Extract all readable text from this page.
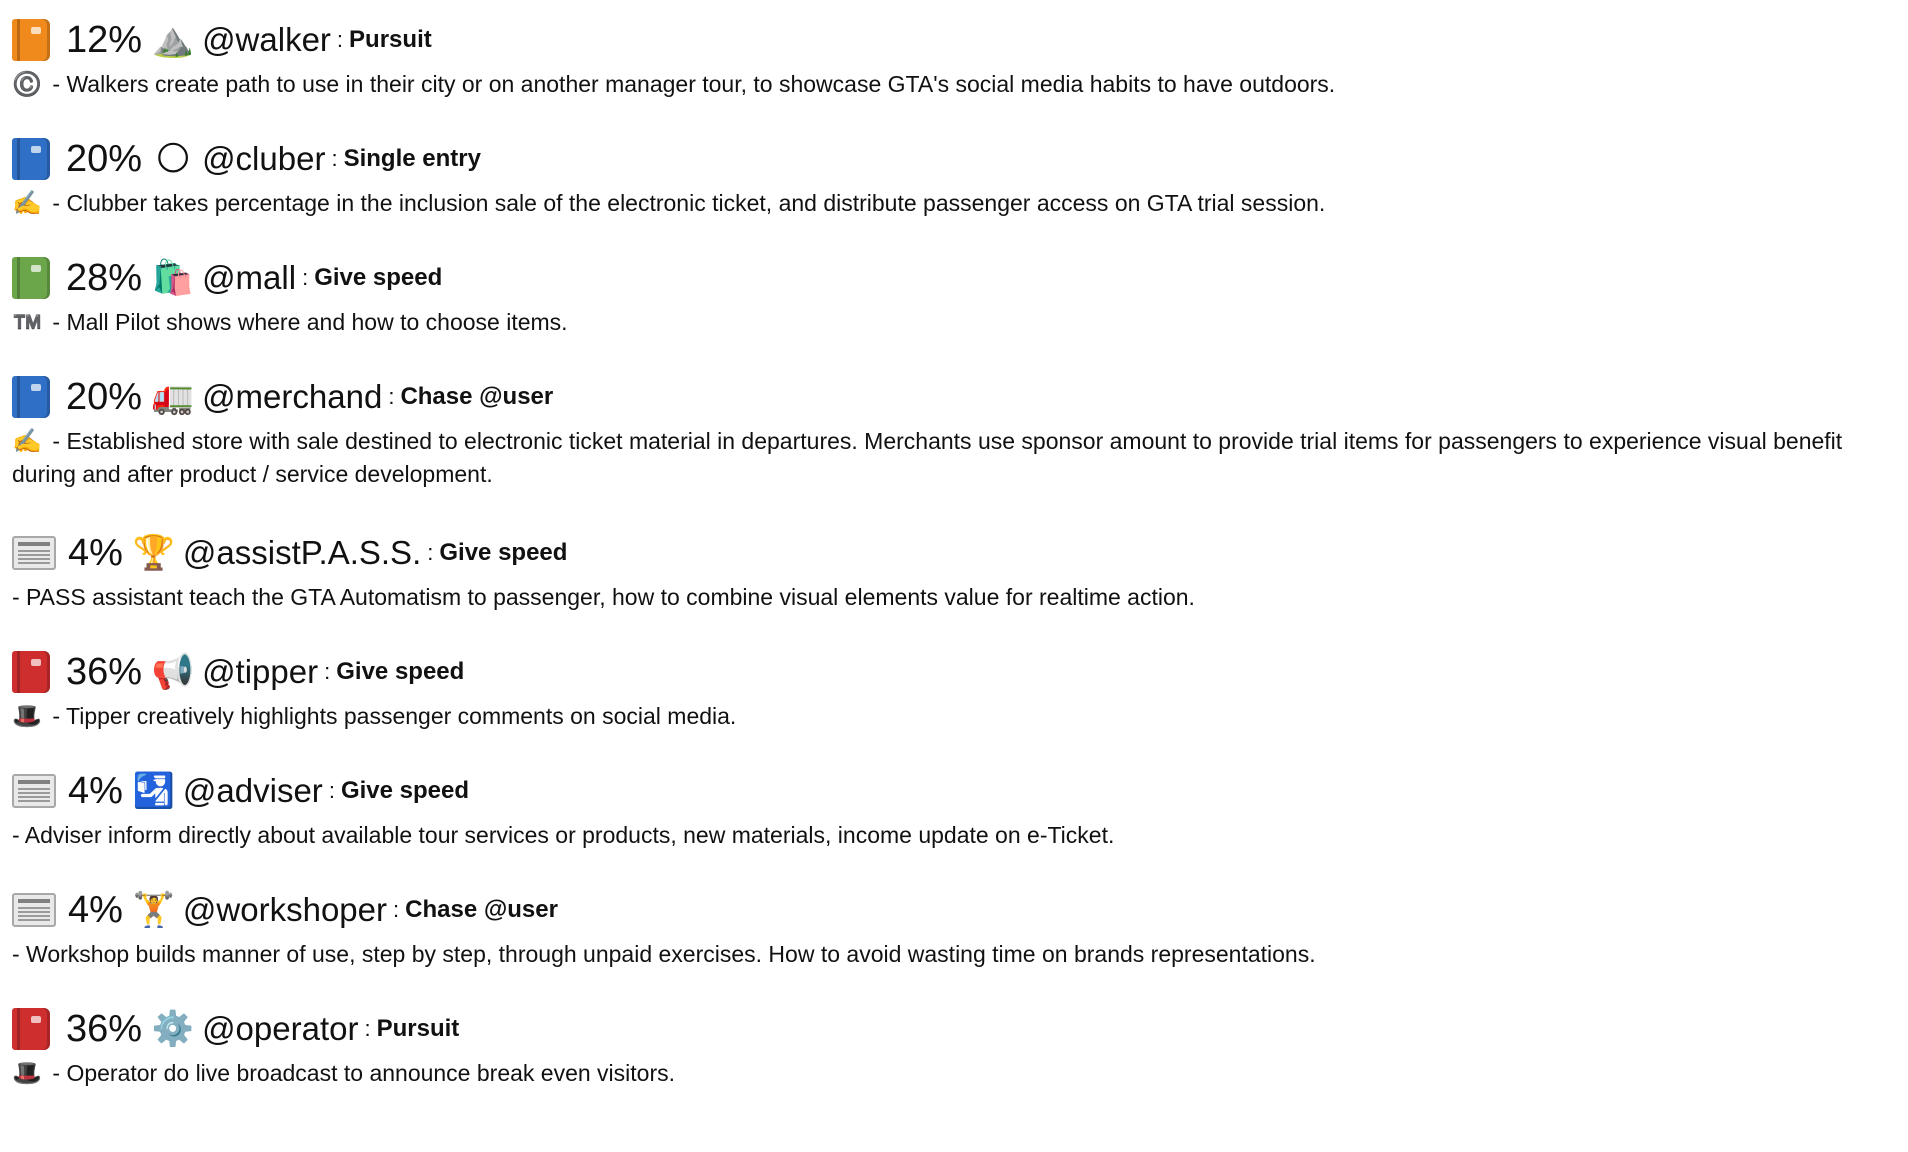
12% ⛰️ @walker : Pursuit
©️ - Walkers create path to use in their city or on another manager tour, to showcase GTA's social media habits to have outdoors.
20% 🌕 @cluber : Single entry
✍️ - Clubber takes percentage in the inclusion sale of the electronic ticket, and distribute passenger access on GTA trial session.
28% 🛍️ @mall : Give speed
™️ - Mall Pilot shows where and how to choose items.
20% 🚛 @merchand : Chase @user
✍️ - Established store with sale destined to electronic ticket material in departures. Merchants use sponsor amount to provide trial items for passengers to experience visual benefit during and after product / service development.
4% 🏆 @assistP.A.S.S. : Give speed
- PASS assistant teach the GTA Automatism to passenger, how to combine visual elements value for realtime action.
36% 📢 @tipper : Give speed
🎩 - Tipper creatively highlights passenger comments on social media.
4% 🛂 @adviser : Give speed
- Adviser inform directly about available tour services or products, new materials, income update on e-Ticket.
4% 🏋️ @workshoper : Chase @user
- Workshop builds manner of use, step by step, through unpaid exercises. How to avoid wasting time on brands representations.
36% ⚙️ @operator : Pursuit
🎩 - Operator do live broadcast to announce break even visitors.
